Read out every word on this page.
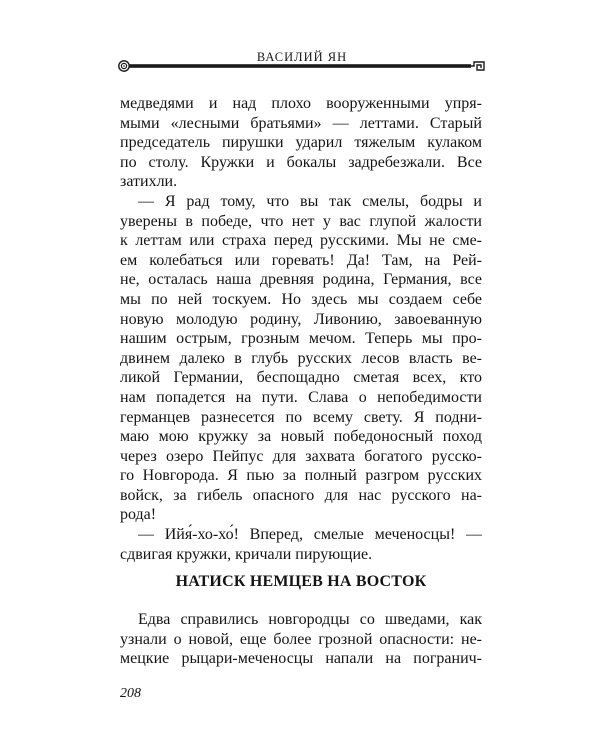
ВАСИЛИЙ ЯН
медведями и над плохо вооруженными упря-
мыми «лесными братьями» — леттами. Старый
председатель пирушки ударил тяжелым кулаком
по столу. Кружки и бокалы задребезжали. Все
затихли.
— Я рад тому, что вы так смелы, бодры и
уверены в победе, что нет у вас глупой жалости
к леттам или страха перед русскими. Мы не сме-
ем колебаться или горевать! Да! Там, на Рей-
не, осталась наша древняя родина, Германия, все
мы по ней тоскуем. Но здесь мы создаем себе
новую молодую родину, Ливонию, завоеванную
нашим острым, грозным мечом. Теперь мы про-
двинем далеко в глубь русских лесов власть ве-
ликой Германии, беспощадно сметая всех, кто
нам попадется на пути. Слава о непобедимости
германцев разнесется по всему свету. Я подни-
маю мою кружку за новый победоносный поход
через озеро Пейпус для захвата богатого русско-
го Новгорода. Я пью за полный разгром русских
войск, за гибель опасного для нас русского на-
рода!
— Ийя́-хо-хо́! Вперед, смелые меченосцы! —
сдвигая кружки, кричали пирующие.
НАТИСК НЕМЦЕВ НА ВОСТОК
Едва справились новгородцы со шведами, как
узнали о новой, еще более грозной опасности: не-
мецкие рыцари-меченосцы напали на погранич-
208
